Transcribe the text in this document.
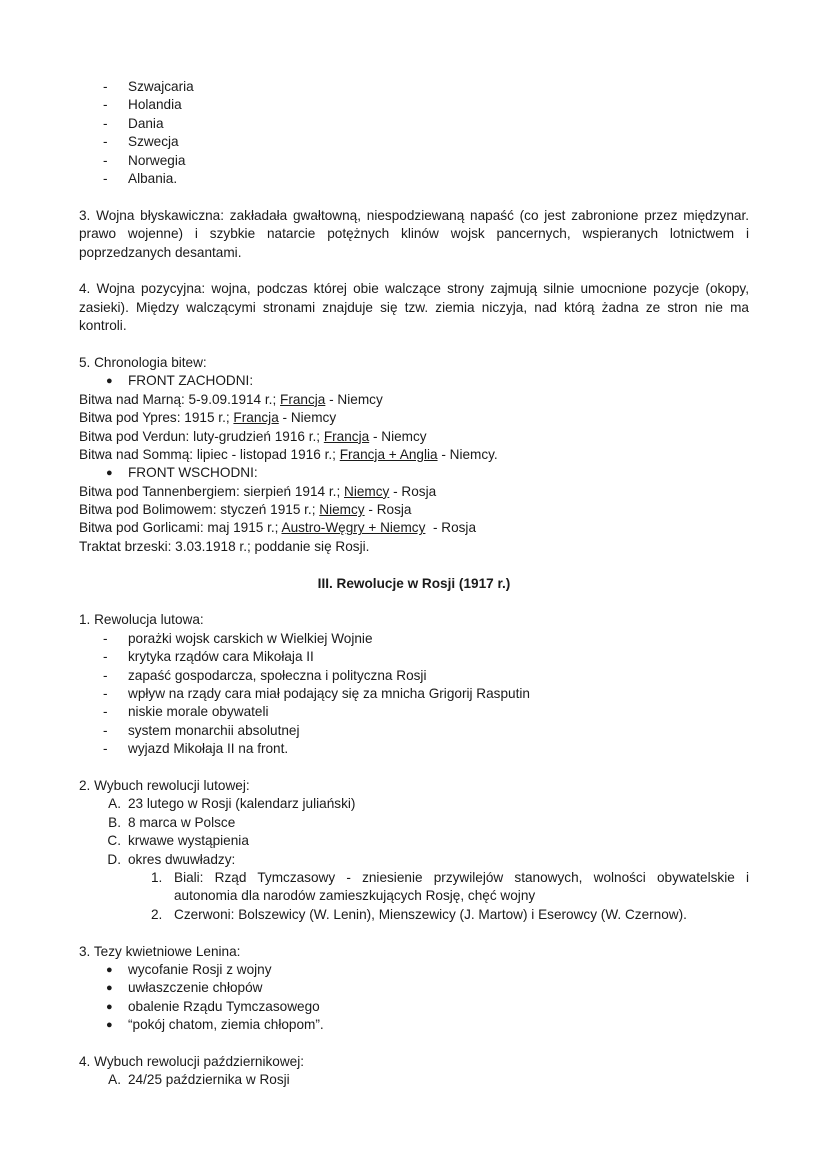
- Szwajcaria
- Holandia
- Dania
- Szwecja
- Norwegia
- Albania.
3. Wojna błyskawiczna: zakładała gwałtowną, niespodziewaną napaść (co jest zabronione przez międzynar. prawo wojenne) i szybkie natarcie potężnych klinów wojsk pancernych, wspieranych lotnictwem i poprzedzanych desantami.
4. Wojna pozycyjna: wojna, podczas której obie walczące strony zajmują silnie umocnione pozycje (okopy, zasieki). Między walczącymi stronami znajduje się tzw. ziemia niczyja, nad którą żadna ze stron nie ma kontroli.
5. Chronologia bitew:
● FRONT ZACHODNI:
Bitwa nad Marną: 5-9.09.1914 r.; Francja - Niemcy
Bitwa pod Ypres: 1915 r.; Francja - Niemcy
Bitwa pod Verdun: luty-grudzień 1916 r.; Francja - Niemcy
Bitwa nad Sommą: lipiec - listopad 1916 r.; Francja + Anglia - Niemcy.
● FRONT WSCHODNI:
Bitwa pod Tannenbergiem: sierpień 1914 r.; Niemcy - Rosja
Bitwa pod Bolimowem: styczeń 1915 r.; Niemcy - Rosja
Bitwa pod Gorlicami: maj 1915 r.; Austro-Węgry + Niemcy  - Rosja
Traktat brzeski: 3.03.1918 r.; poddanie się Rosji.
III. Rewolucje w Rosji (1917 r.)
1. Rewolucja lutowa:
- porażki wojsk carskich w Wielkiej Wojnie
- krytyka rządów cara Mikołaja II
- zapaść gospodarcza, społeczna i polityczna Rosji
- wpływ na rządy cara miał podający się za mnicha Grigorij Rasputin
- niskie morale obywateli
- system monarchii absolutnej
- wyjazd Mikołaja II na front.
2. Wybuch rewolucji lutowej:
A. 23 lutego w Rosji (kalendarz juliański)
B. 8 marca w Polsce
C. krwawe wystąpienia
D. okres dwuwładzy:
1. Biali: Rząd Tymczasowy - zniesienie przywilejów stanowych, wolności obywatelskie i autonomia dla narodów zamieszkujących Rosję, chęć wojny
2. Czerwoni: Bolszewicy (W. Lenin), Mienszewicy (J. Martow) i Eserowcy (W. Czernow).
3. Tezy kwietniowe Lenina:
● wycofanie Rosji z wojny
● uwłaszczenie chłopów
● obalenie Rządu Tymczasowego
● “pokój chatom, ziemia chłopom”.
4. Wybuch rewolucji październikowej:
A. 24/25 października w Rosji
